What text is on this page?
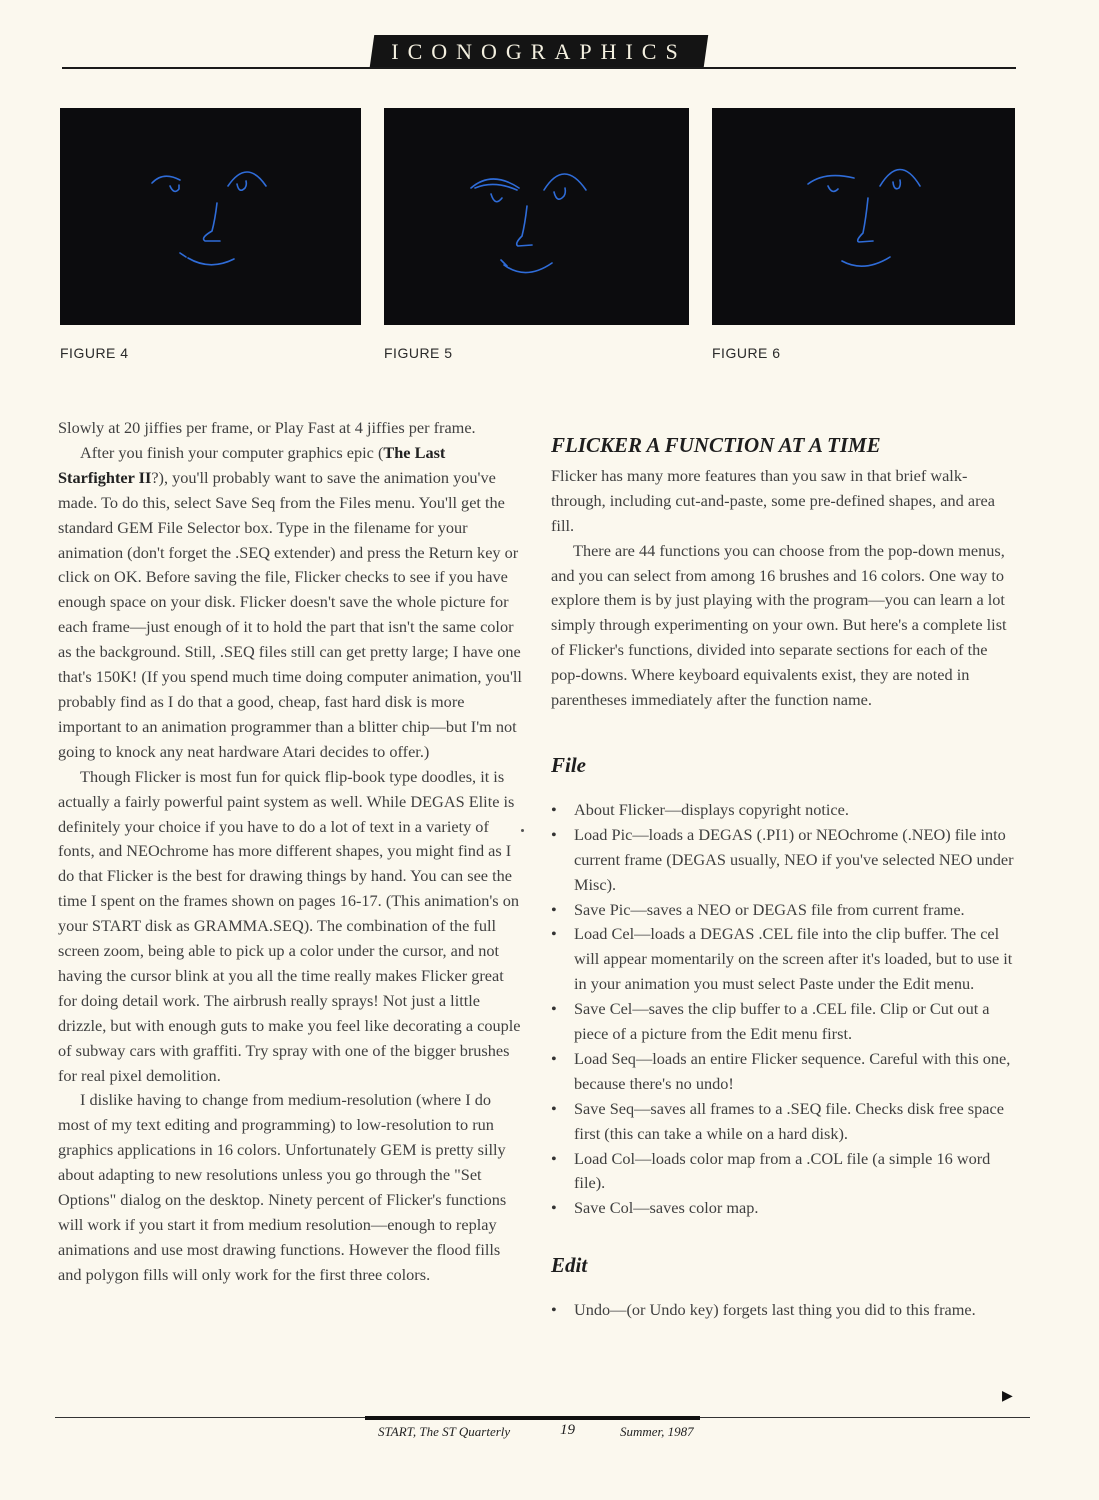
ICONOGRAPHICS
FIGURE 4	FIGURE 5	FIGURE 6

Slowly at 20 jiffies per frame, or Play Fast at 4 jiffies per frame.

After you finish your computer graphics epic (The Last Starfighter II?), you'll probably want to save the animation you've made. To do this, select Save Seq from the Files menu. You'll get the standard GEM File Selector box. Type in the filename for your animation (don't forget the .SEQ extender) and press the Return key or click on OK. Before saving the file, Flicker checks to see if you have enough space on your disk. Flicker doesn't save the whole picture for each frame—just enough of it to hold the part that isn't the same color as the background. Still, .SEQ files still can get pretty large; I have one that's 150K! (If you spend much time doing computer animation, you'll probably find as I do that a good, cheap, fast hard disk is more important to an animation programmer than a blitter chip—but I'm not going to knock any neat hardware Atari decides to offer.)

Though Flicker is most fun for quick flip-book type doodles, it is actually a fairly powerful paint system as well. While DEGAS Elite is definitely your choice if you have to do a lot of text in a variety of fonts, and NEOchrome has more different shapes, you might find as I do that Flicker is the best for drawing things by hand. You can see the time I spent on the frames shown on pages 16-17. (This animation's on your START disk as GRAMMA.SEQ). The combination of the full screen zoom, being able to pick up a color under the cursor, and not having the cursor blink at you all the time really makes Flicker great for doing detail work. The airbrush really sprays! Not just a little drizzle, but with enough guts to make you feel like decorating a couple of subway cars with graffiti. Try spray with one of the bigger brushes for real pixel demolition.

I dislike having to change from medium-resolution (where I do most of my text editing and programming) to low-resolution to run graphics applications in 16 colors. Unfortunately GEM is pretty silly about adapting to new resolutions unless you go through the "Set Options" dialog on the desktop. Ninety percent of Flicker's functions will work if you start it from medium resolution—enough to replay animations and use most drawing functions. However the flood fills and polygon fills will only work for the first three colors.

FLICKER A FUNCTION AT A TIME

Flicker has many more features than you saw in that brief walk-through, including cut-and-paste, some pre-defined shapes, and area fill.

There are 44 functions you can choose from the pop-down menus, and you can select from among 16 brushes and 16 colors. One way to explore them is by just playing with the program—you can learn a lot simply through experimenting on your own. But here's a complete list of Flicker's functions, divided into separate sections for each of the pop-downs. Where keyboard equivalents exist, they are noted in parentheses immediately after the function name.

File
• About Flicker—displays copyright notice.
• Load Pic—loads a DEGAS (.PI1) or NEOchrome (.NEO) file into current frame (DEGAS usually, NEO if you've selected NEO under Misc).
• Save Pic—saves a NEO or DEGAS file from current frame.
• Load Cel—loads a DEGAS .CEL file into the clip buffer. The cel will appear momentarily on the screen after it's loaded, but to use it in your animation you must select Paste under the Edit menu.
• Save Cel—saves the clip buffer to a .CEL file. Clip or Cut out a piece of a picture from the Edit menu first.
• Load Seq—loads an entire Flicker sequence. Careful with this one, because there's no undo!
• Save Seq—saves all frames to a .SEQ file. Checks disk free space first (this can take a while on a hard disk).
• Load Col—loads color map from a .COL file (a simple 16 word file).
• Save Col—saves color map.
Edit
• Undo—(or Undo key) forgets last thing you did to this frame.
▶
START, The ST Quarterly	19	Summer, 1987
